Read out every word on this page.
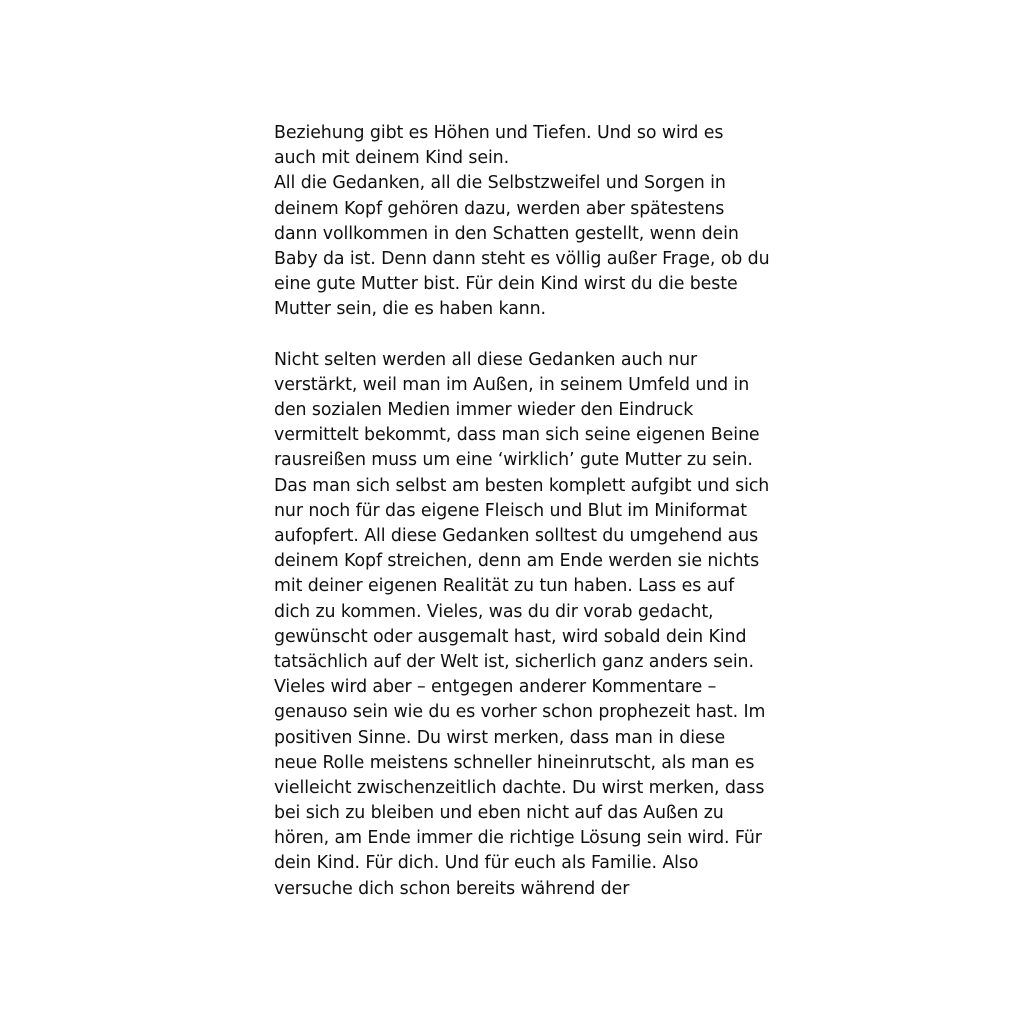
Beziehung gibt es Höhen und Tiefen. Und so wird es
auch mit deinem Kind sein.
All die Gedanken, all die Selbstzweifel und Sorgen in
deinem Kopf gehören dazu, werden aber spätestens
dann vollkommen in den Schatten gestellt, wenn dein
Baby da ist. Denn dann steht es völlig außer Frage, ob du
eine gute Mutter bist. Für dein Kind wirst du die beste
Mutter sein, die es haben kann.
Nicht selten werden all diese Gedanken auch nur
verstärkt, weil man im Außen, in seinem Umfeld und in
den sozialen Medien immer wieder den Eindruck
vermittelt bekommt, dass man sich seine eigenen Beine
rausreißen muss um eine ‘wirklich’ gute Mutter zu sein.
Das man sich selbst am besten komplett aufgibt und sich
nur noch für das eigene Fleisch und Blut im Miniformat
aufopfert. All diese Gedanken solltest du umgehend aus
deinem Kopf streichen, denn am Ende werden sie nichts
mit deiner eigenen Realität zu tun haben. Lass es auf
dich zu kommen. Vieles, was du dir vorab gedacht,
gewünscht oder ausgemalt hast, wird sobald dein Kind
tatsächlich auf der Welt ist, sicherlich ganz anders sein.
Vieles wird aber – entgegen anderer Kommentare –
genauso sein wie du es vorher schon prophezeit hast. Im
positiven Sinne. Du wirst merken, dass man in diese
neue Rolle meistens schneller hineinrutscht, als man es
vielleicht zwischenzeitlich dachte. Du wirst merken, dass
bei sich zu bleiben und eben nicht auf das Außen zu
hören, am Ende immer die richtige Lösung sein wird. Für
dein Kind. Für dich. Und für euch als Familie. Also
versuche dich schon bereits während der
